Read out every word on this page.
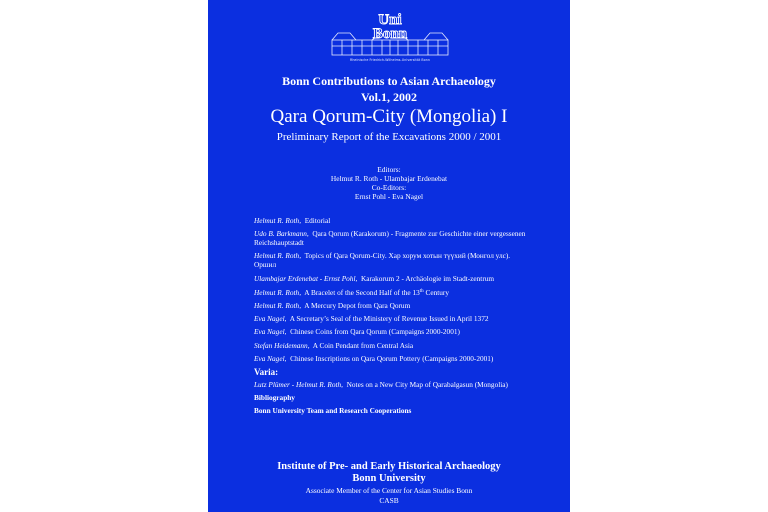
Uni
Bonn
Rheinische Friedrich-Wilhelms-Universität Bonn
Bonn Contributions to Asian Archaeology
Vol.1, 2002
Qara Qorum-City (Mongolia) I
Preliminary Report of the Excavations 2000 / 2001
Editors:
Helmut R. Roth - Ulambajar Erdenebat
Co-Editors:
Ernst Pohl - Eva Nagel
Helmut R. Roth, Editorial
Udo B. Barkmann, Qara Qorum (Karakorum) - Fragmente zur Geschichte einer vergessenen Reichshauptstadt
Helmut R. Roth, Topics of Qara Qorum-City. Хар хорум хотын түүхий (Монгол улс). Оршил
Ulambajar Erdenebat - Ernst Pohl, Karakorum 2 - Archäologie im Stadt-zentrum
Helmut R. Roth, A Bracelet of the Second Half of the 13th Century
Helmut R. Roth, A Mercury Depot from Qara Qorum
Eva Nagel, A Secretary’s Seal of the Ministery of Revenue Issued in April 1372
Eva Nagel, Chinese Coins from Qara Qorum (Campaigns 2000-2001)
Stefan Heidemann, A Coin Pendant from Central Asia
Eva Nagel, Chinese Inscriptions on Qara Qorum Pottery (Campaigns 2000-2001)
Varia:
Lutz Plümer - Helmut R. Roth, Notes on a New City Map of Qarabalgasun (Mongolia)
Bibliography
Bonn University Team and Research Cooperations
Institute of Pre- and Early Historical Archaeology
Bonn University
Associate Member of the Center for Asian Studies Bonn
CASB
